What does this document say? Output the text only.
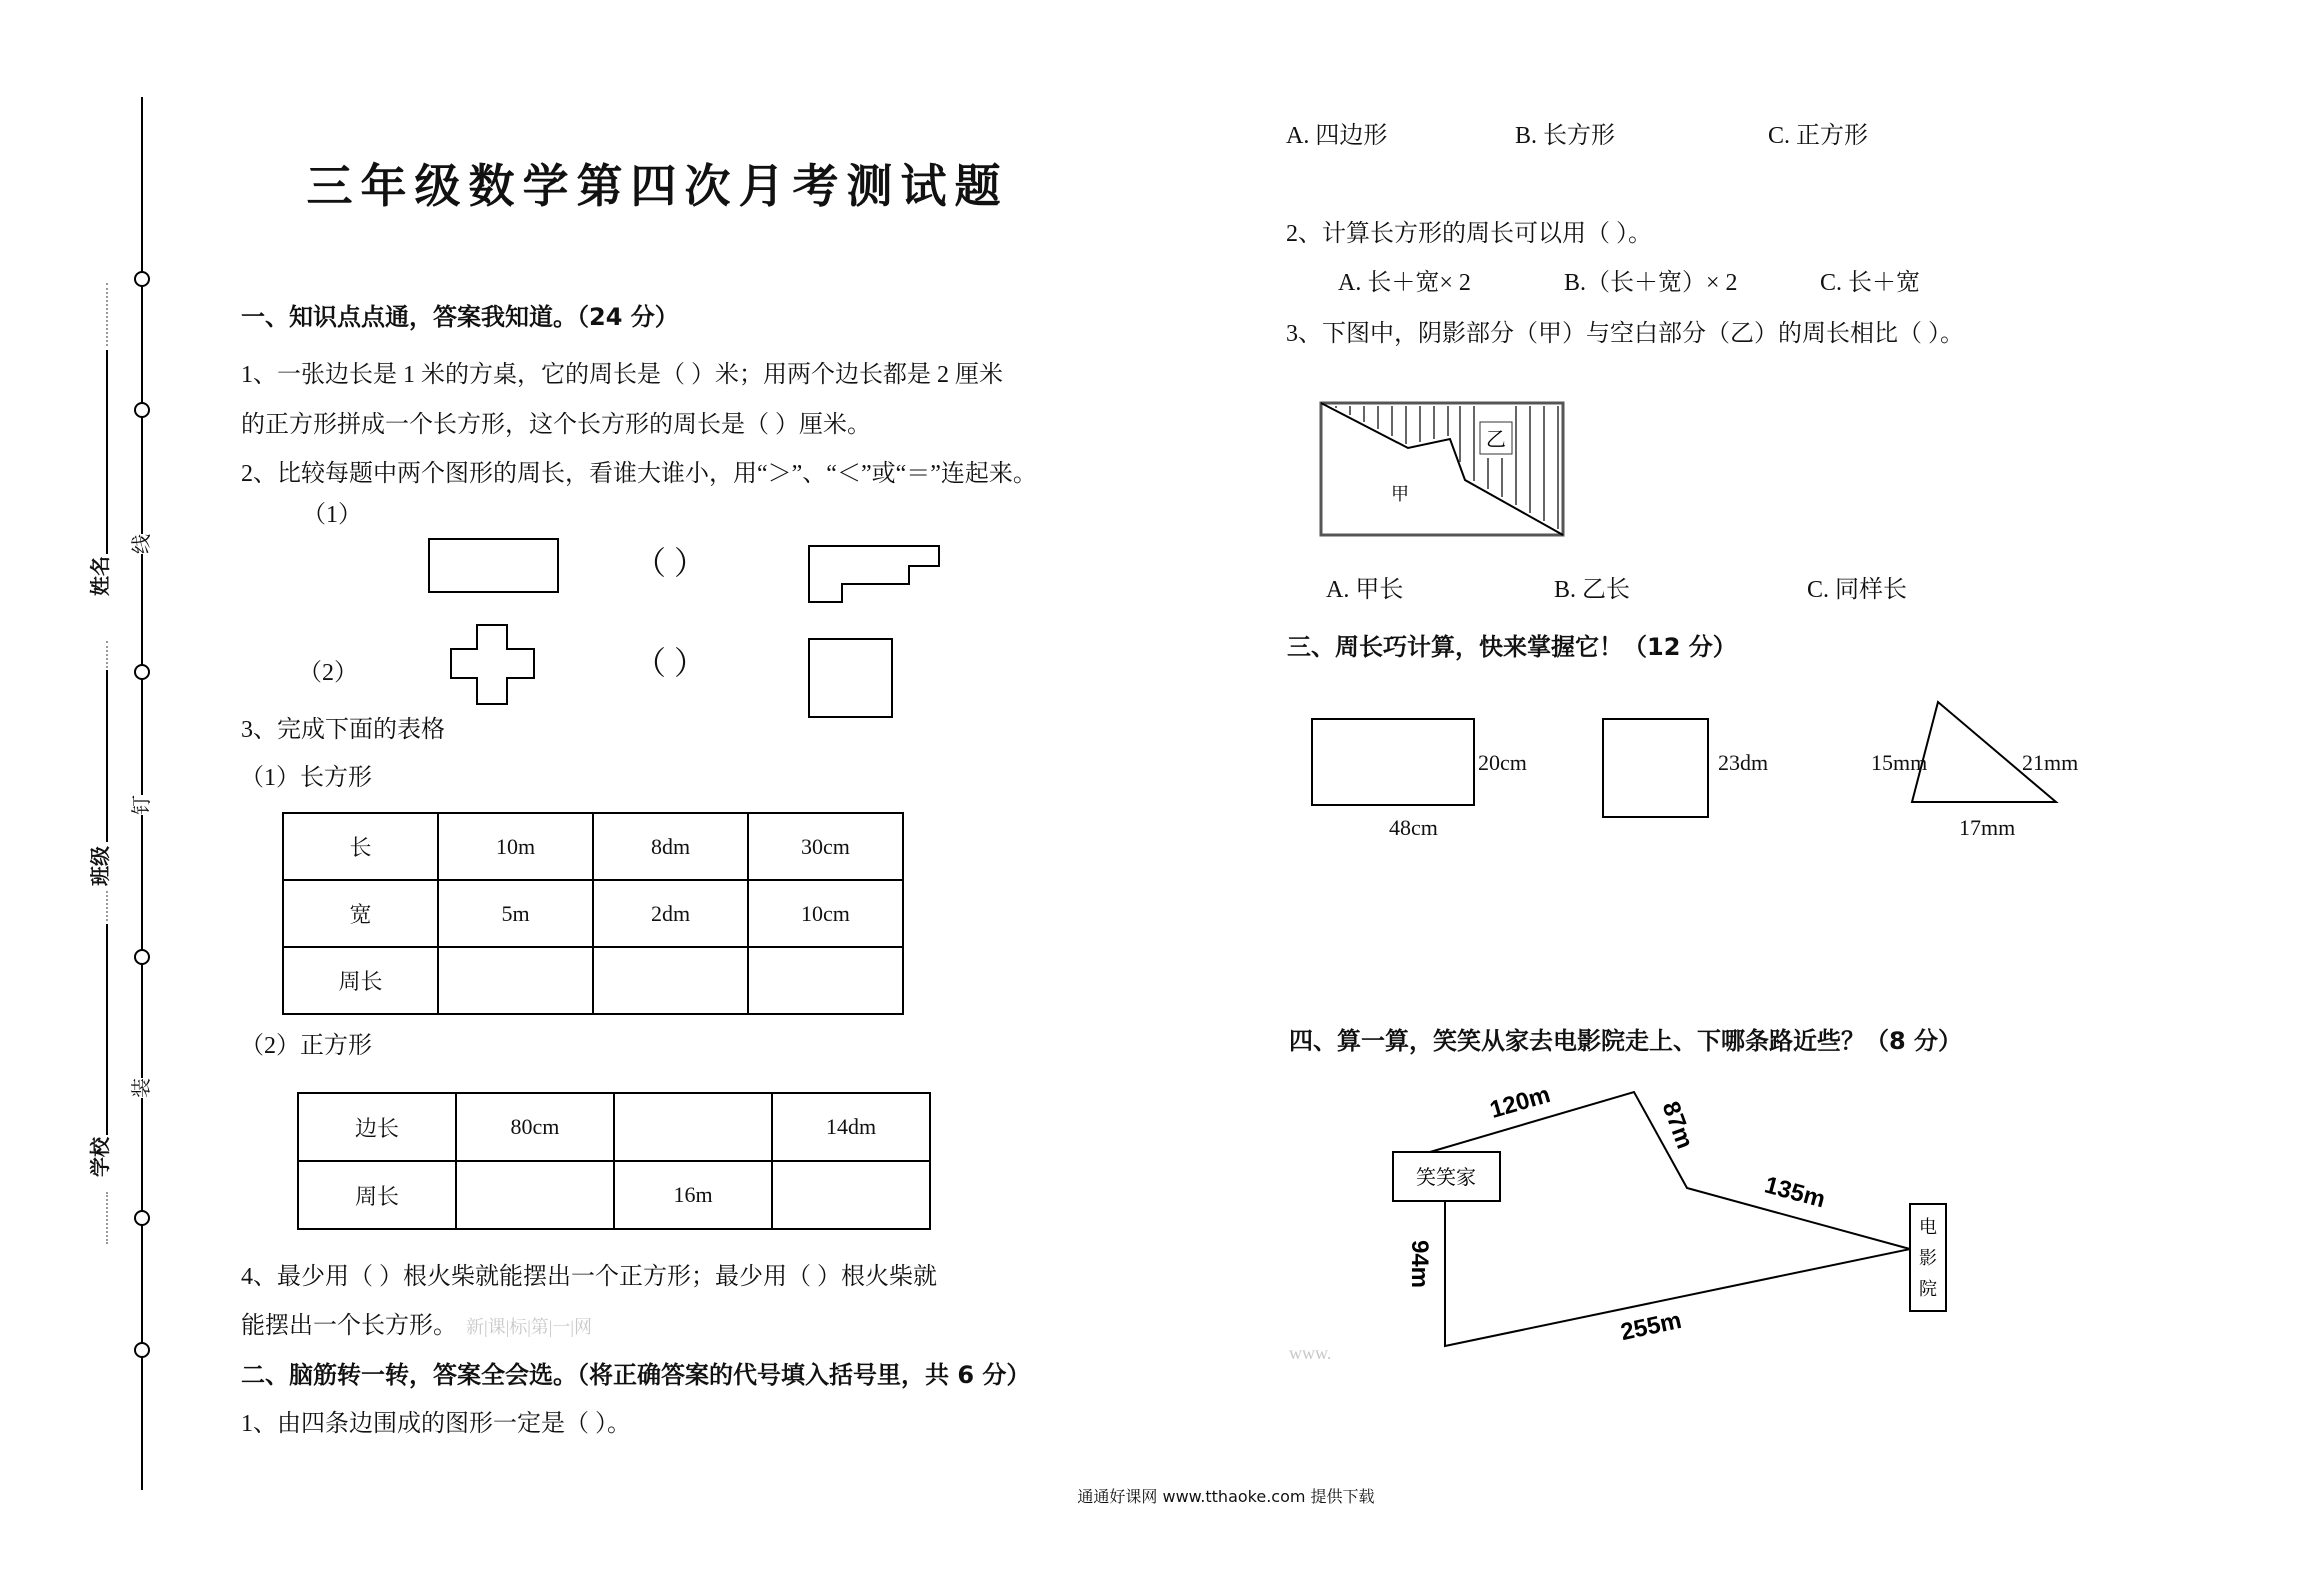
线
钉
装
姓名
班级
学校
三年级数学第四次月考测试题
一、知识点点通，答案我知道。（24 分）
1、一张边长是 1 米的方桌，它的周长是（ ）米；用两个边长都是 2 厘米
的正方形拼成一个长方形，这个长方形的周长是（ ）厘米。
2、比较每题中两个图形的周长，看谁大谁小，用“＞”、“＜”或“＝”连起来。
（1）
（ ）
（2）	（ ）
3、完成下面的表格
（1）长方形
长	10m	8dm	30cm
宽	5m	2dm	10cm
周长			
（2）正方形
边长	80cm		14dm
周长		16m	
4、最少用（ ）根火柴就能摆出一个正方形；最少用（ ）根火柴就
能摆出一个长方形。 新|课|标|第|一|网
二、脑筋转一转，答案全会选。（将正确答案的代号填入括号里，共 6 分）
1、由四条边围成的图形一定是（ ）。
A. 四边形	B. 长方形	C. 正方形
2、计算长方形的周长可以用（ ）。
A. 长＋宽× 2	B.（长＋宽）× 2	C. 长＋宽
3、下图中，阴影部分（甲）与空白部分（乙）的周长相比（ ）。
乙
甲
A. 甲长	B. 乙长	C. 同样长
三、周长巧计算，快来掌握它！（12 分）
20cm
48cm
23dm	15mm	21mm
17mm
四、算一算，笑笑从家去电影院走上、下哪条路近些？（8 分）
笑笑家
电
影
院
120m	87m
135m
94m
255m
www.
通通好课网 www.tthaoke.com 提供下载
